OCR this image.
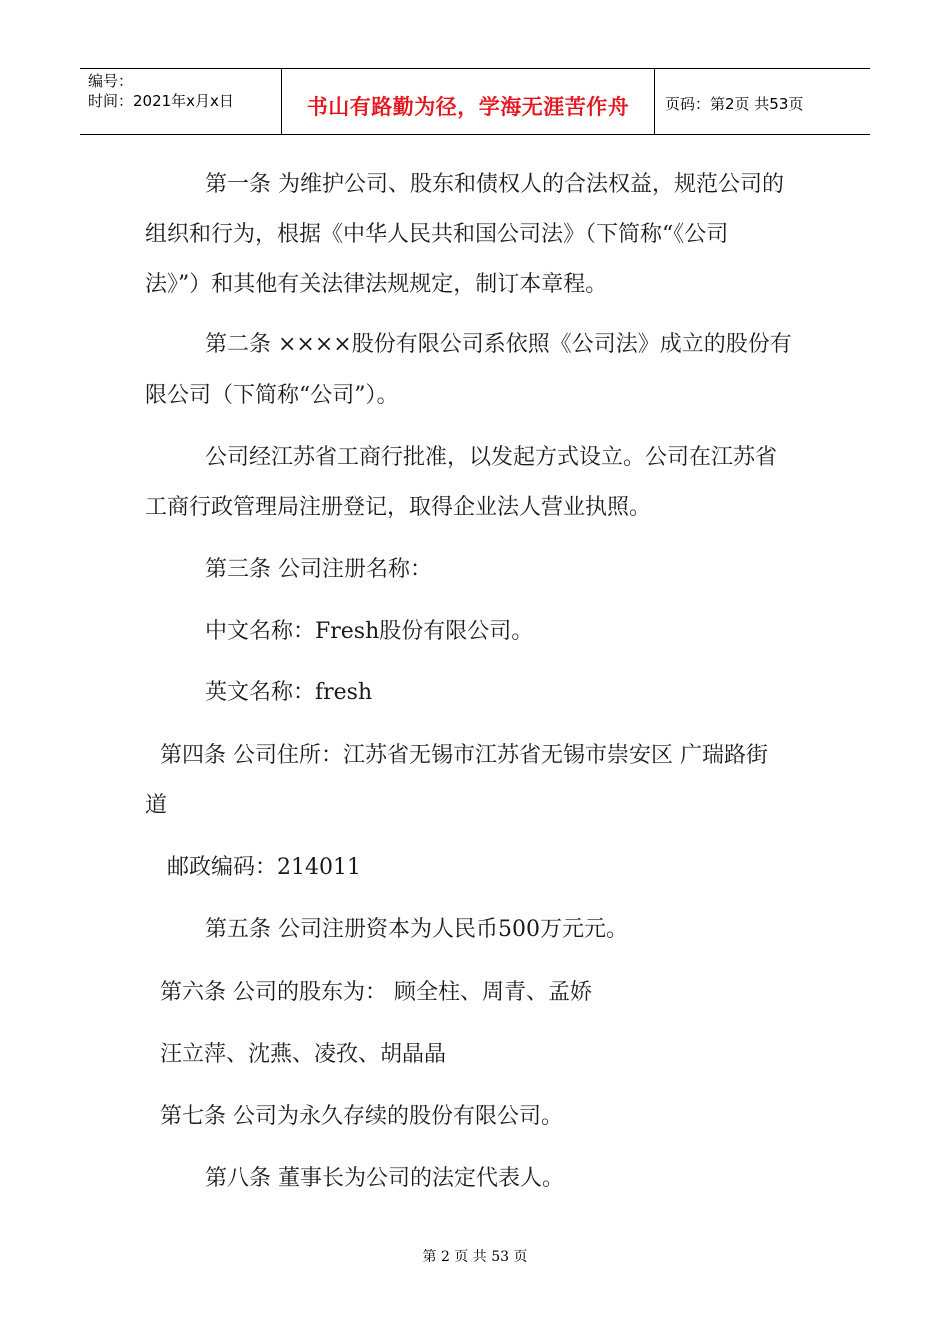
编号：
时间：2021年x月x日	书山有路勤为径，学海无涯苦作舟	页码：第2页 共53页
第一条 为维护公司、股东和债权人的合法权益，规范公司的
组织和行为，根据《中华人民共和国公司法》（下简称“《公司
法》”）和其他有关法律法规规定，制订本章程。
第二条 ××××股份有限公司系依照《公司法》成立的股份有
限公司（下简称“公司”）。
公司经江苏省工商行批准，以发起方式设立。公司在江苏省
工商行政管理局注册登记，取得企业法人营业执照。
第三条 公司注册名称：
中文名称：Fresh股份有限公司。
英文名称：fresh
第四条 公司住所：江苏省无锡市江苏省无锡市崇安区 广瑞路街
道
邮政编码：214011
第五条 公司注册资本为人民币500万元元。
第六条 公司的股东为： 顾全柱、周青、孟娇
汪立萍、沈燕、凌孜、胡晶晶
第七条 公司为永久存续的股份有限公司。
第八条 董事长为公司的法定代表人。
第 2 页 共 53 页
